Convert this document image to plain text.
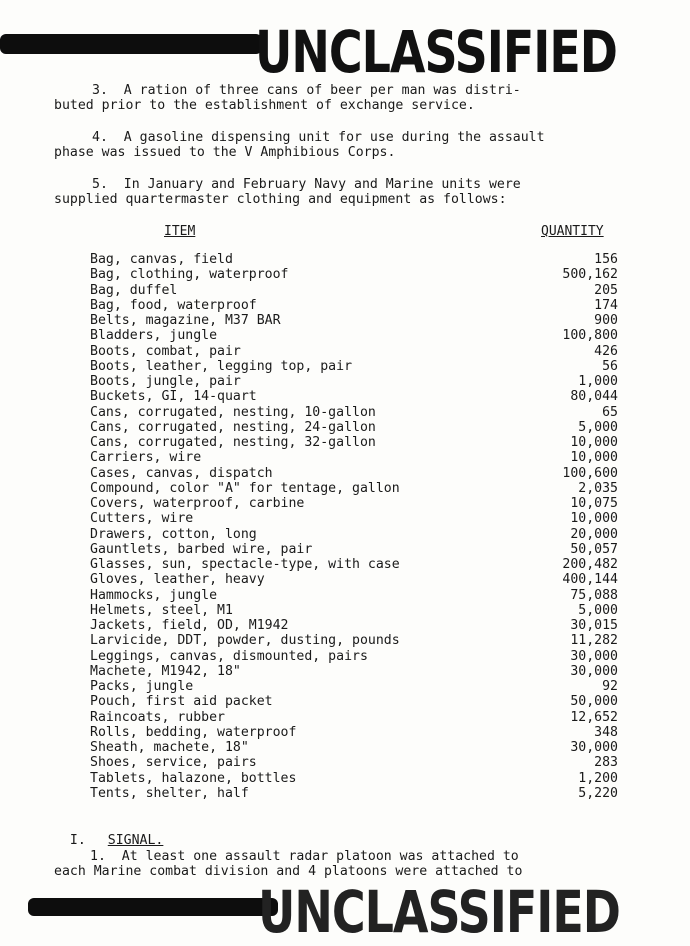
UNCLASSIFIED
3.  A ration of three cans of beer per man was distri-
buted prior to the establishment of exchange service.
4.  A gasoline dispensing unit for use during the assault
phase was issued to the V Amphibious Corps.
5.  In January and February Navy and Marine units were
supplied quartermaster clothing and equipment as follows:
ITEM	QUANTITY
Bag, canvas, field	156
Bag, clothing, waterproof	500,162
Bag, duffel	205
Bag, food, waterproof	174
Belts, magazine, M37 BAR	900
Bladders, jungle	100,800
Boots, combat, pair	426
Boots, leather, legging top, pair	56
Boots, jungle, pair	1,000
Buckets, GI, 14-quart	80,044
Cans, corrugated, nesting, 10-gallon	65
Cans, corrugated, nesting, 24-gallon	5,000
Cans, corrugated, nesting, 32-gallon	10,000
Carriers, wire	10,000
Cases, canvas, dispatch	100,600
Compound, color "A" for tentage, gallon	2,035
Covers, waterproof, carbine	10,075
Cutters, wire	10,000
Drawers, cotton, long	20,000
Gauntlets, barbed wire, pair	50,057
Glasses, sun, spectacle-type, with case	200,482
Gloves, leather, heavy	400,144
Hammocks, jungle	75,088
Helmets, steel, M1	5,000
Jackets, field, OD, M1942	30,015
Larvicide, DDT, powder, dusting, pounds	11,282
Leggings, canvas, dismounted, pairs	30,000
Machete, M1942, 18"	30,000
Packs, jungle	92
Pouch, first aid packet	50,000
Raincoats, rubber	12,652
Rolls, bedding, waterproof	348
Sheath, machete, 18"	30,000
Shoes, service, pairs	283
Tablets, halazone, bottles	1,200
Tents, shelter, half	5,220

I. SIGNAL.

1.  At least one assault radar platoon was attached to
each Marine combat division and 4 platoons were attached to
UNCLASSIFIED
